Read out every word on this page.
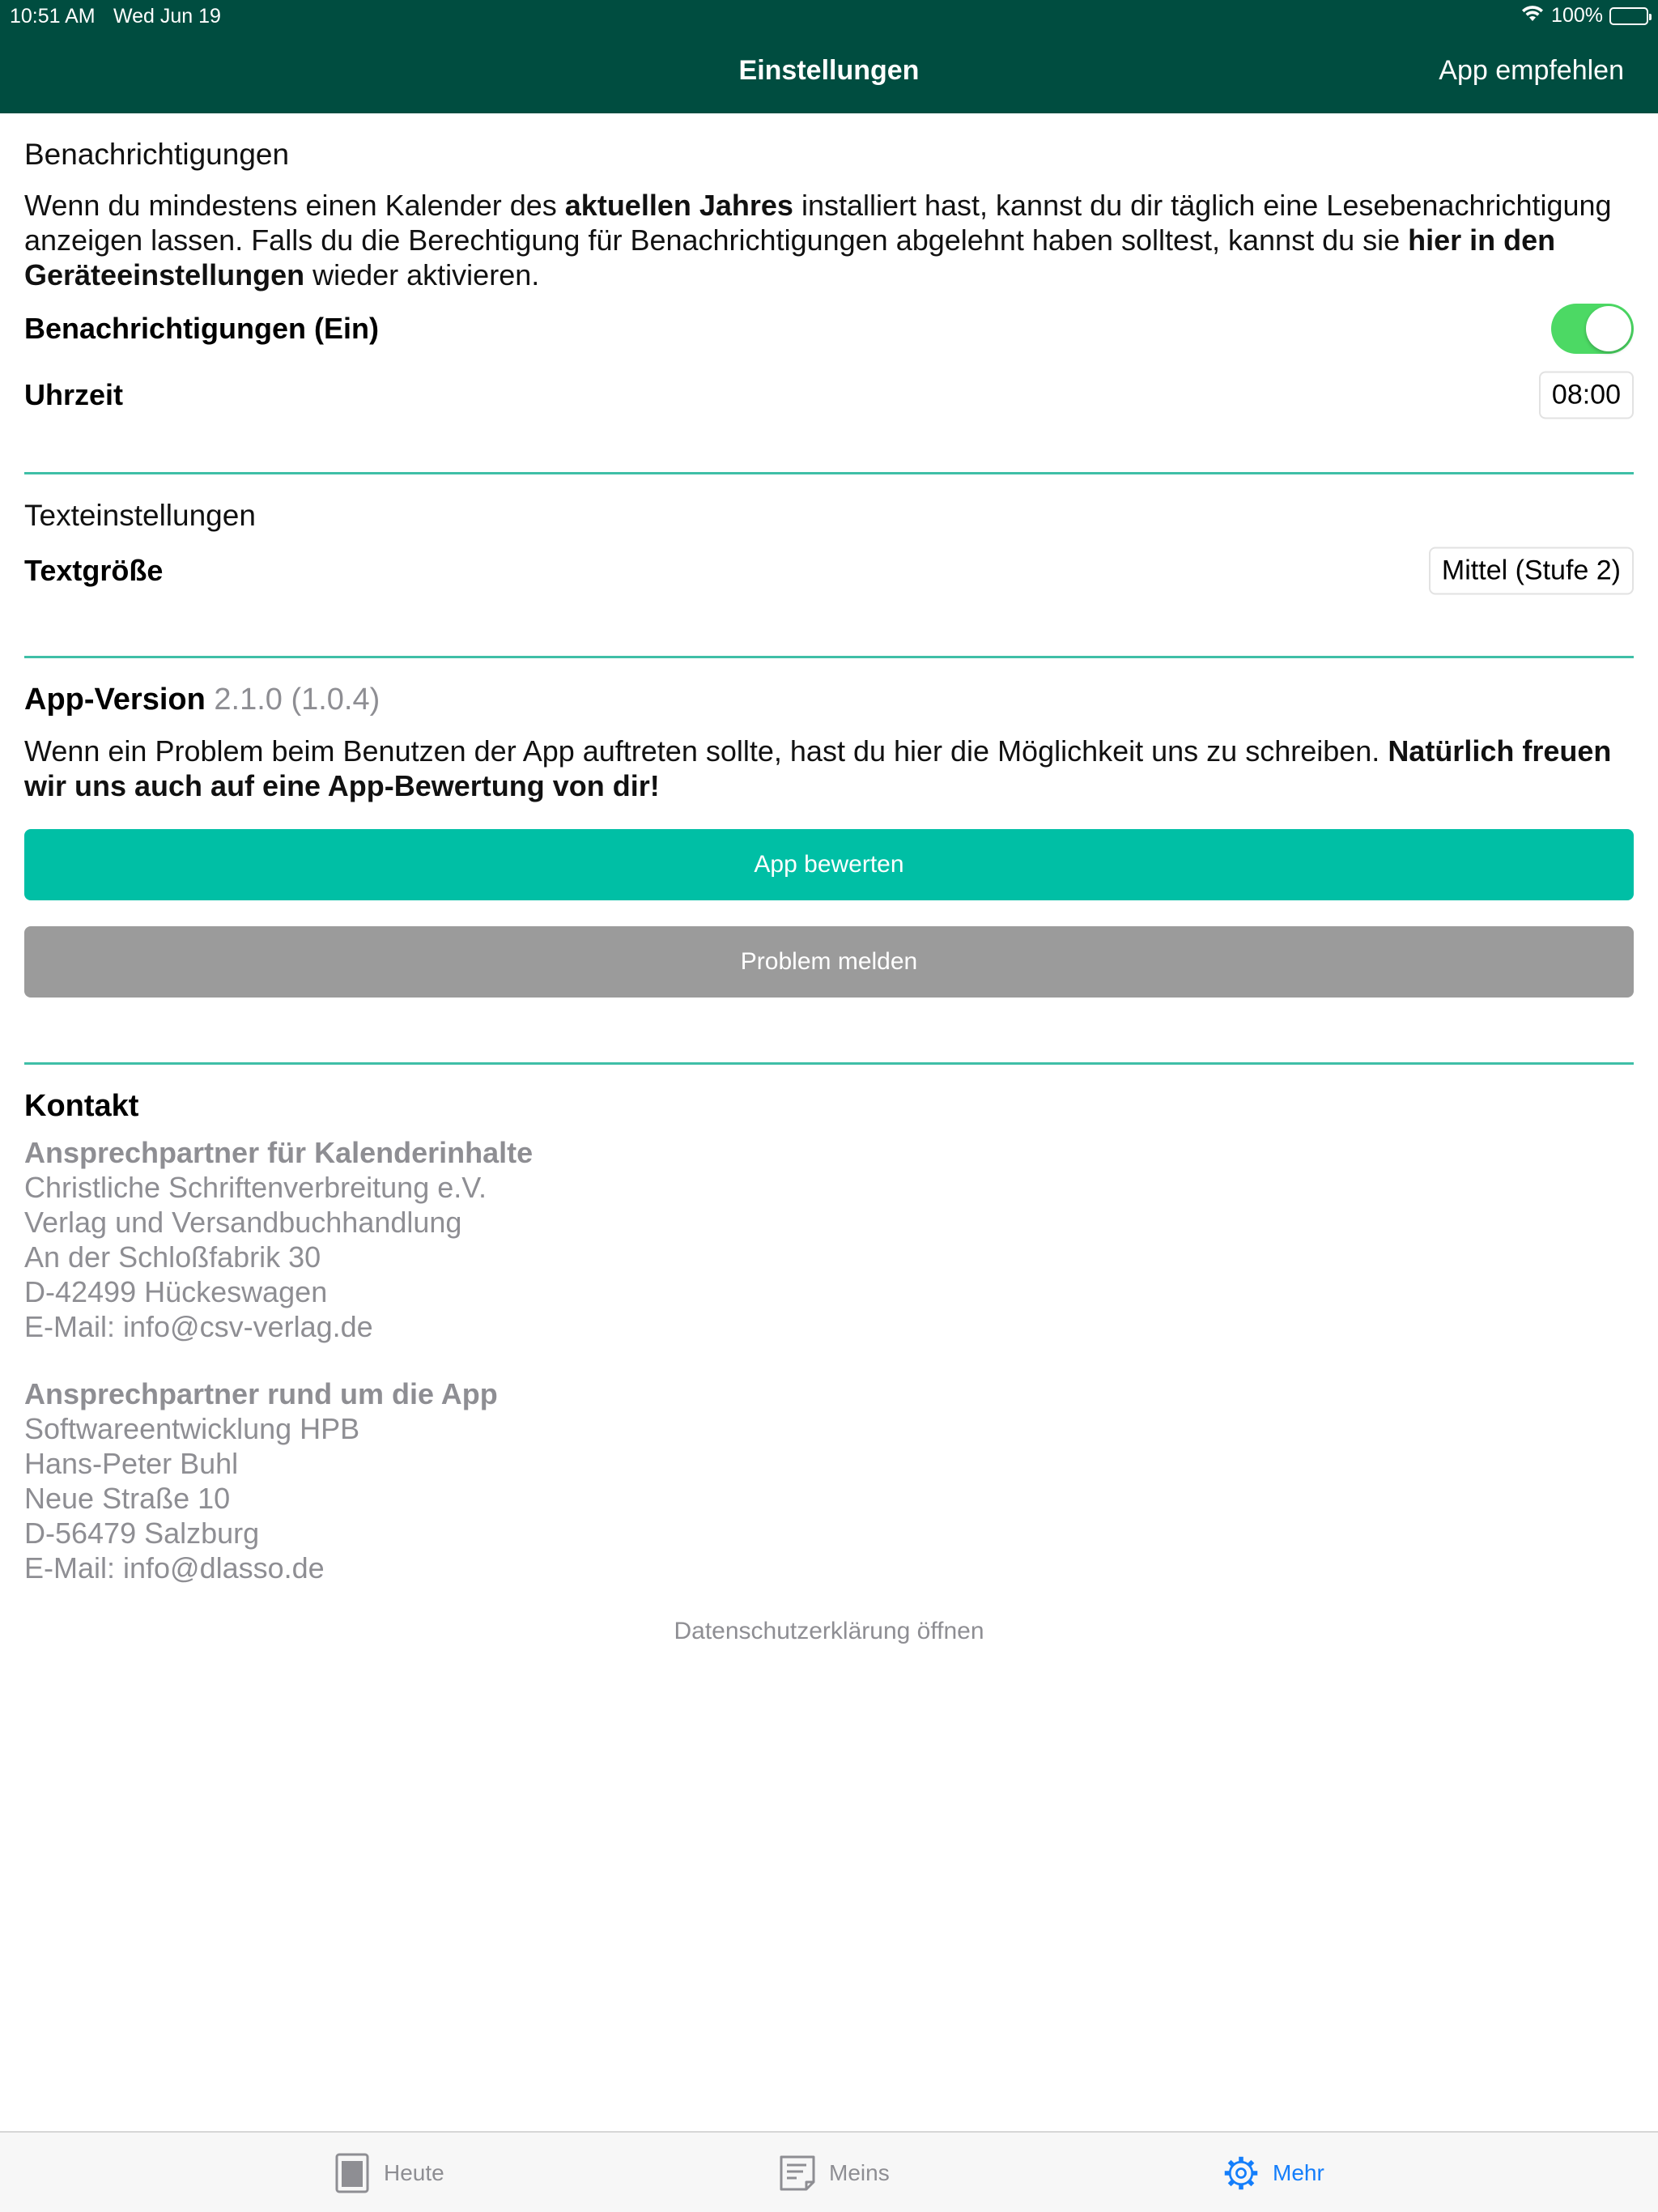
10:51 AM Wed Jun 19	100%
Einstellungen	App empfehlen
Benachrichtigungen
Wenn du mindestens einen Kalender des aktuellen Jahres installiert hast, kannst du dir täglich eine Lesebenachrichtigung anzeigen lassen. Falls du die Berechtigung für Benachrichtigungen abgelehnt haben solltest, kannst du sie hier in den Geräteeinstellungen wieder aktivieren.
Benachrichtigungen (Ein)
Uhrzeit	08:00
Texteinstellungen
Textgröße	Mittel (Stufe 2)
App-Version 2.1.0 (1.0.4)
Wenn ein Problem beim Benutzen der App auftreten sollte, hast du hier die Möglichkeit uns zu schreiben. Natürlich freuen wir uns auch auf eine App-Bewertung von dir!
App bewerten
Problem melden
Kontakt
Ansprechpartner für Kalenderinhalte
Christliche Schriftenverbreitung e.V.
Verlag und Versandbuchhandlung
An der Schloßfabrik 30
D-42499 Hückeswagen
E-Mail: info@csv-verlag.de
Ansprechpartner rund um die App
Softwareentwicklung HPB
Hans-Peter Buhl
Neue Straße 10
D-56479 Salzburg
E-Mail: info@dlasso.de
Datenschutzerklärung öffnen
Heute	Meins	Mehr
